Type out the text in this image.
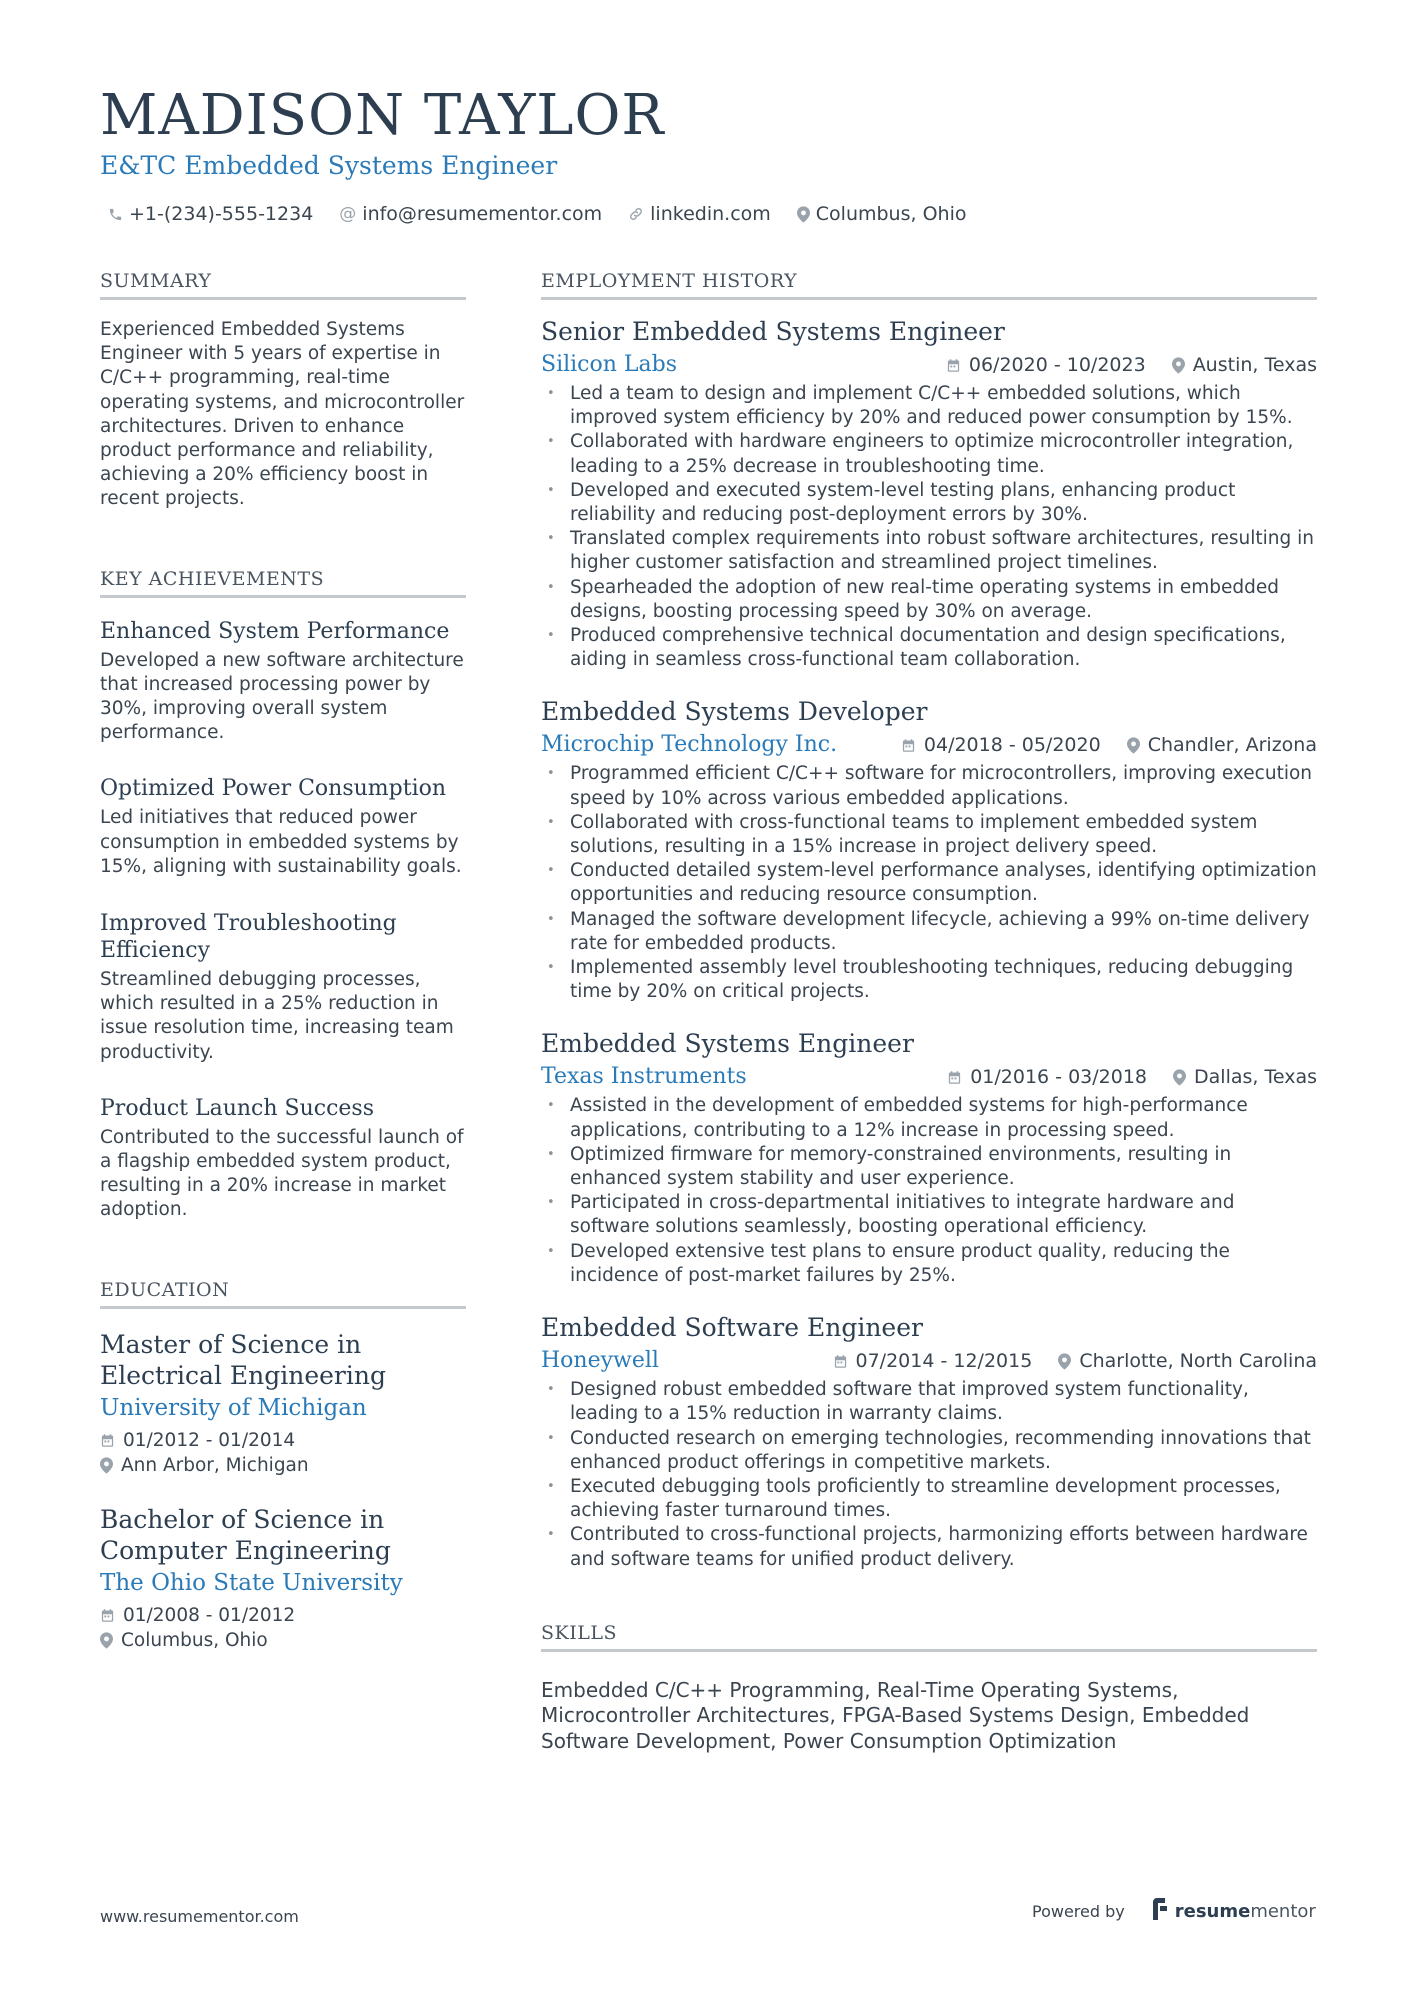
MADISON TAYLOR
E&TC Embedded Systems Engineer
+1-(234)-555-1234 @ info@resumementor.com	linkedin.com Columbus, Ohio
SUMMARY
Experienced Embedded Systems Engineer with 5 years of expertise in C/C++ programming, real-time operating systems, and microcontroller architectures. Driven to enhance product performance and reliability, achieving a 20% efficiency boost in recent projects.
KEY ACHIEVEMENTS
Enhanced System Performance
Developed a new software architecture that increased processing power by 30%, improving overall system performance.
Optimized Power Consumption
Led initiatives that reduced power consumption in embedded systems by 15%, aligning with sustainability goals.
Improved Troubleshooting Efficiency
Streamlined debugging processes, which resulted in a 25% reduction in issue resolution time, increasing team productivity.
Product Launch Success
Contributed to the successful launch of a flagship embedded system product, resulting in a 20% increase in market adoption.
EDUCATION
Master of Science in Electrical Engineering
University of Michigan
01/2012 - 01/2014
Ann Arbor, Michigan
Bachelor of Science in Computer Engineering
The Ohio State University
01/2008 - 01/2012
Columbus, Ohio
EMPLOYMENT HISTORY
Senior Embedded Systems Engineer
Silicon Labs	06/2020 - 10/2023 Austin, Texas
• Led a team to design and implement C/C++ embedded solutions, which improved system efficiency by 20% and reduced power consumption by 15%.
• Collaborated with hardware engineers to optimize microcontroller integration, leading to a 25% decrease in troubleshooting time.
• Developed and executed system-level testing plans, enhancing product reliability and reducing post-deployment errors by 30%.
• Translated complex requirements into robust software architectures, resulting in higher customer satisfaction and streamlined project timelines.
• Spearheaded the adoption of new real-time operating systems in embedded designs, boosting processing speed by 30% on average.
• Produced comprehensive technical documentation and design specifications, aiding in seamless cross-functional team collaboration.
Embedded Systems Developer
Microchip Technology Inc.	04/2018 - 05/2020 Chandler, Arizona
• Programmed efficient C/C++ software for microcontrollers, improving execution speed by 10% across various embedded applications.
• Collaborated with cross-functional teams to implement embedded system solutions, resulting in a 15% increase in project delivery speed.
• Conducted detailed system-level performance analyses, identifying optimization opportunities and reducing resource consumption.
• Managed the software development lifecycle, achieving a 99% on-time delivery rate for embedded products.
• Implemented assembly level troubleshooting techniques, reducing debugging time by 20% on critical projects.
Embedded Systems Engineer
Texas Instruments	01/2016 - 03/2018 Dallas, Texas
• Assisted in the development of embedded systems for high-performance applications, contributing to a 12% increase in processing speed.
• Optimized firmware for memory-constrained environments, resulting in enhanced system stability and user experience.
• Participated in cross-departmental initiatives to integrate hardware and software solutions seamlessly, boosting operational efficiency.
• Developed extensive test plans to ensure product quality, reducing the incidence of post-market failures by 25%.
Embedded Software Engineer
Honeywell	07/2014 - 12/2015 Charlotte, North Carolina
• Designed robust embedded software that improved system functionality, leading to a 15% reduction in warranty claims.
• Conducted research on emerging technologies, recommending innovations that enhanced product offerings in competitive markets.
• Executed debugging tools proficiently to streamline development processes, achieving faster turnaround times.
• Contributed to cross-functional projects, harmonizing efforts between hardware and software teams for unified product delivery.
SKILLS
Embedded C/C++ Programming, Real-Time Operating Systems, Microcontroller Architectures, FPGA-Based Systems Design, Embedded Software Development, Power Consumption Optimization
www.resumementor.com	Powered by	resumementor
